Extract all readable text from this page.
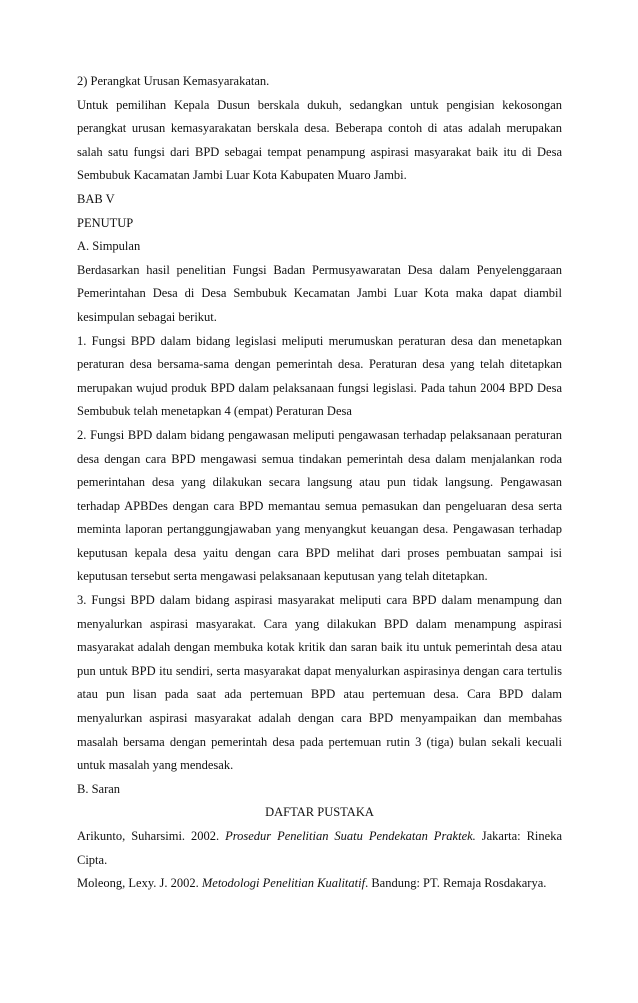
2) Perangkat Urusan Kemasyarakatan.

Untuk pemilihan Kepala Dusun berskala dukuh, sedangkan untuk pengisian kekosongan perangkat urusan kemasyarakatan berskala desa. Beberapa contoh di atas adalah merupakan salah satu fungsi dari BPD sebagai tempat penampung aspirasi masyarakat baik itu di Desa Sembubuk Kacamatan Jambi Luar Kota Kabupaten Muaro Jambi.

BAB V

PENUTUP

A. Simpulan

Berdasarkan hasil penelitian Fungsi Badan Permusyawaratan Desa dalam Penyelenggaraan Pemerintahan Desa di Desa Sembubuk Kecamatan Jambi Luar Kota maka dapat diambil kesimpulan sebagai berikut.

1. Fungsi BPD dalam bidang legislasi meliputi merumuskan peraturan desa dan menetapkan peraturan desa bersama-sama dengan pemerintah desa. Peraturan desa yang telah ditetapkan merupakan wujud produk BPD dalam pelaksanaan fungsi legislasi. Pada tahun 2004 BPD Desa Sembubuk telah menetapkan 4 (empat) Peraturan Desa

2. Fungsi BPD dalam bidang pengawasan meliputi pengawasan terhadap pelaksanaan peraturan desa dengan cara BPD mengawasi semua tindakan pemerintah desa dalam menjalankan roda pemerintahan desa yang dilakukan secara langsung atau pun tidak langsung. Pengawasan terhadap APBDes dengan cara BPD memantau semua pemasukan dan pengeluaran desa serta meminta laporan pertanggungjawaban yang menyangkut keuangan desa. Pengawasan terhadap keputusan kepala desa yaitu dengan cara BPD melihat dari proses pembuatan sampai isi keputusan tersebut serta mengawasi pelaksanaan keputusan yang telah ditetapkan.

3. Fungsi BPD dalam bidang aspirasi masyarakat meliputi cara BPD dalam menampung dan menyalurkan aspirasi masyarakat. Cara yang dilakukan BPD dalam menampung aspirasi masyarakat adalah dengan membuka kotak kritik dan saran baik itu untuk pemerintah desa atau pun untuk BPD itu sendiri, serta masyarakat dapat menyalurkan aspirasinya dengan cara tertulis atau pun lisan pada saat ada pertemuan BPD atau pertemuan desa. Cara BPD dalam menyalurkan aspirasi masyarakat adalah dengan cara BPD menyampaikan dan membahas masalah bersama dengan pemerintah desa pada pertemuan rutin 3 (tiga) bulan sekali kecuali untuk masalah yang mendesak.

B. Saran

DAFTAR PUSTAKA

Arikunto, Suharsimi. 2002. Prosedur Penelitian Suatu Pendekatan Praktek. Jakarta: Rineka Cipta.

Moleong, Lexy. J. 2002. Metodologi Penelitian Kualitatif. Bandung: PT. Remaja Rosdakarya.
